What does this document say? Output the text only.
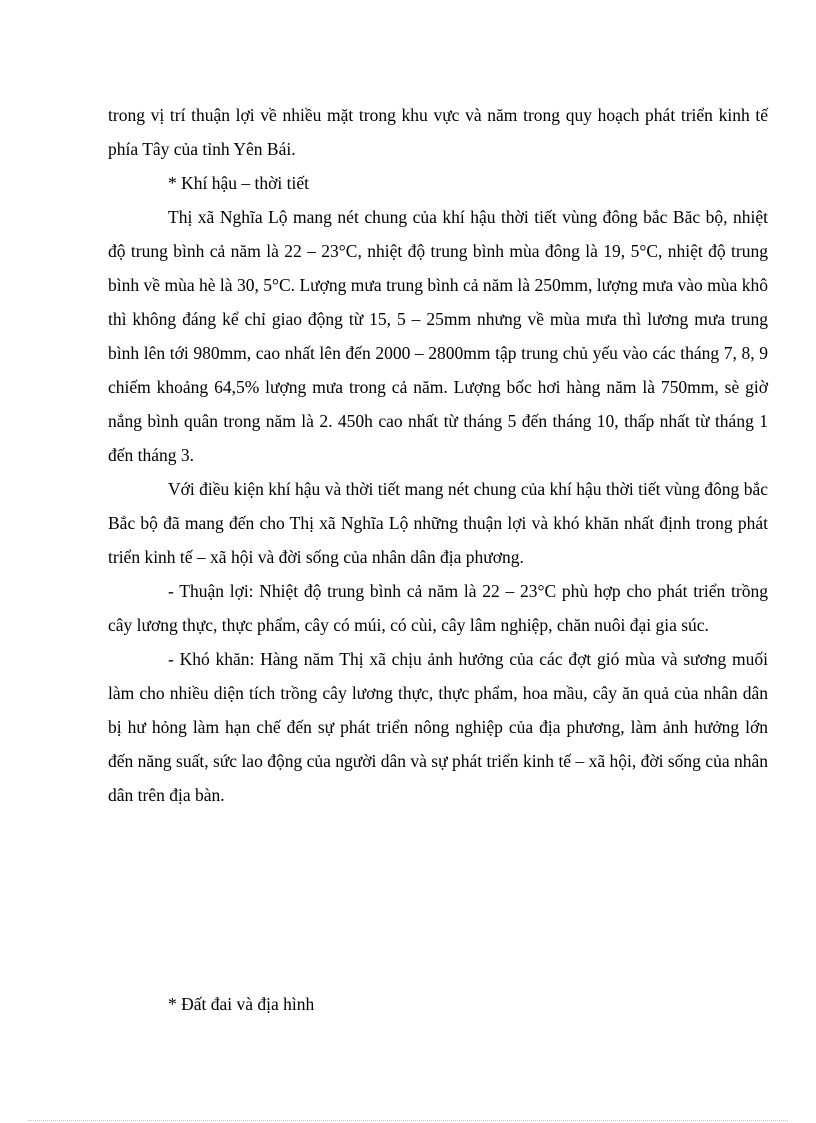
trong vị trí thuận lợi về nhiều mặt trong khu vực và năm trong quy hoạch phát triển kinh tế phía Tây của tỉnh Yên Bái.

* Khí hậu – thời tiết

Thị xã Nghĩa Lộ mang nét chung của khí hậu thời tiết vùng đông bắc Băc bộ, nhiệt độ trung bình cả năm là 22 – 23°C, nhiệt độ trung bình mùa đông là 19, 5°C, nhiệt độ trung bình về mùa hè là 30, 5°C. Lượng mưa trung bình cả năm là 250mm, lượng mưa vào mùa khô thì không đáng kể chỉ giao động từ 15, 5 – 25mm nhưng về mùa mưa thì lương mưa trung bình lên tới 980mm, cao nhất lên đến 2000 – 2800mm tập trung chủ yếu vào các tháng 7, 8, 9 chiếm khoảng 64,5% lượng mưa trong cả năm. Lượng bốc hơi hàng năm là 750mm, sè giờ nắng bình quân trong năm là 2. 450h cao nhất từ tháng 5 đến tháng 10, thấp nhất từ tháng 1 đến tháng 3.

Với điều kiện khí hậu và thời tiết mang nét chung của khí hậu thời tiết vùng đông bắc Bắc bộ đã mang đến cho Thị xã Nghĩa Lộ những thuận lợi và khó khăn nhất định trong phát triển kinh tế – xã hội và đời sống của nhân dân địa phương.

- Thuận lợi: Nhiệt độ trung bình cả năm là 22 – 23°C phù hợp cho phát triển trồng cây lương thực, thực phẩm, cây có múi, có cùi, cây lâm nghiệp, chăn nuôi đại gia súc.

- Khó khăn: Hàng năm Thị xã chịu ảnh hưởng của các đợt gió mùa và sương muối làm cho nhiều diện tích trồng cây lương thực, thực phẩm, hoa mầu, cây ăn quả của nhân dân bị hư hỏng làm hạn chế đến sự phát triển nông nghiệp của địa phương, làm ảnh hưởng lớn đến năng suất, sức lao động của người dân và sự phát triển kinh tế – xã hội, đời sống của nhân dân trên địa bàn.

* Đất đai và địa hình
